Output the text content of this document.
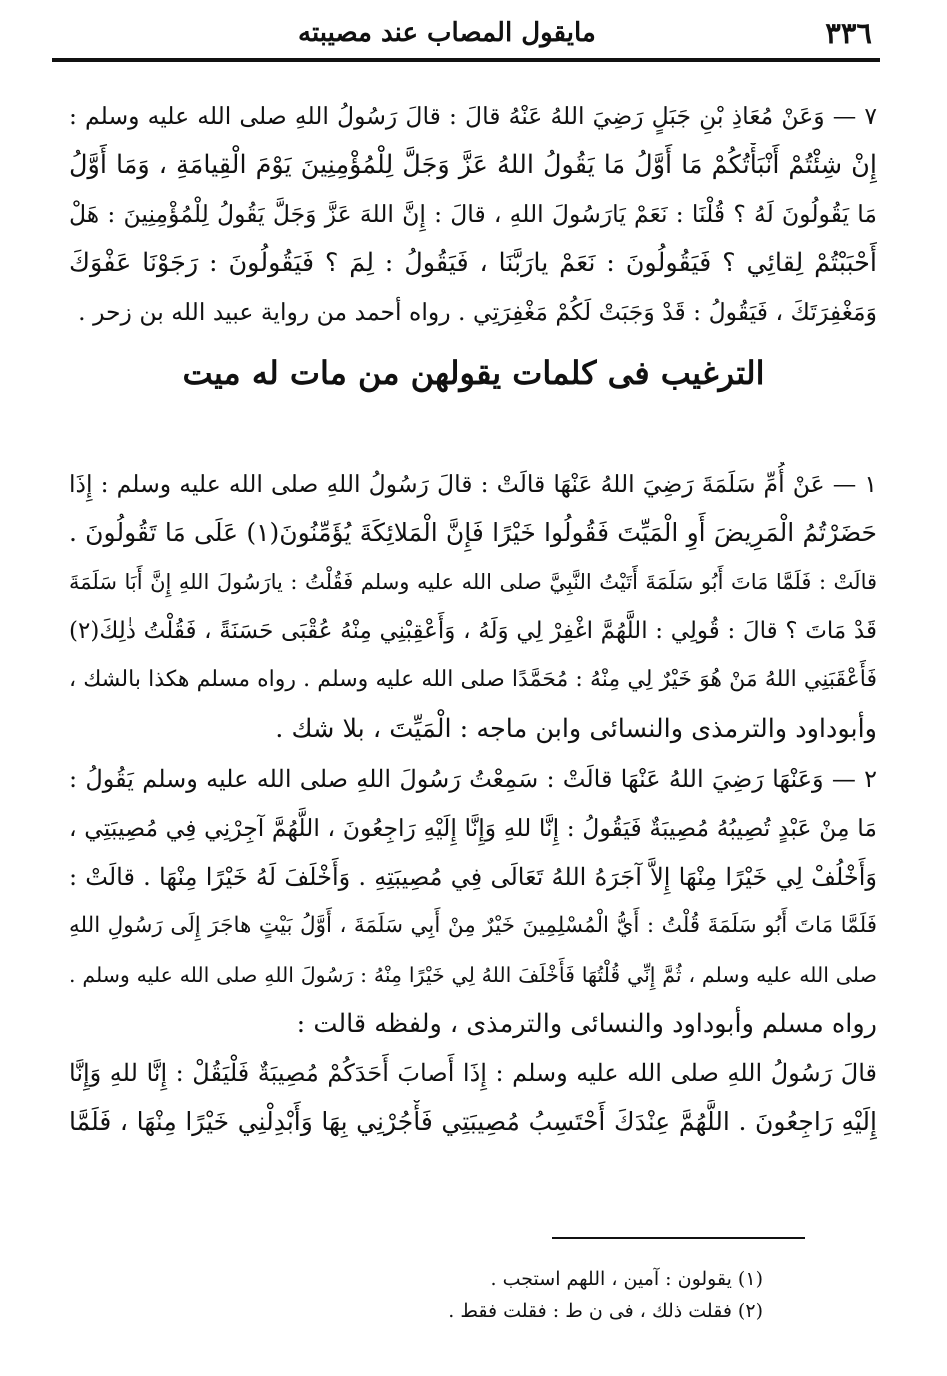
٣٣٦
مايقول المصاب عند مصيبته
٧ — وَعَنْ مُعَاذِ بْنِ جَبَلٍ رَضِيَ اللهُ عَنْهُ قالَ : قالَ رَسُولُ اللهِ صلى الله عليه وسلم :
إِنْ شِئْتُمْ أَنْبَأْتُكُمْ مَا أَوَّلُ مَا يَقُولُ اللهُ عَزَّ وَجَلَّ لِلْمُؤْمِنِينَ يَوْمَ الْقِيامَةِ ، وَمَا أَوَّلُ
مَا يَقُولُونَ لَهُ ؟ قُلْنَا : نَعَمْ يَارَسُولَ اللهِ ، قالَ : إِنَّ اللهَ عَزَّ وَجَلَّ يَقُولُ لِلْمُؤْمِنِينَ : هَلْ
أَحْبَبْتُمْ لِقائِي ؟ فَيَقُولُونَ : نَعَمْ يارَبَّنَا ، فَيَقُولُ : لِمَ ؟ فَيَقُولُونَ : رَجَوْنَا عَفْوَكَ
وَمَغْفِرَتَكَ ، فَيَقُولُ : قَدْ وَجَبَتْ لَكُمْ مَغْفِرَتِي . رواه أحمد من رواية عبيد الله بن زحر .
الترغيب فى كلمات يقولهن من مات له ميت
١ — عَنْ أُمِّ سَلَمَةَ رَضِيَ اللهُ عَنْهَا قالَتْ : قالَ رَسُولُ اللهِ صلى الله عليه وسلم : إِذَا
حَضَرْتُمُ الْمَرِيضَ أَوِ الْمَيِّتَ فَقُولُوا خَيْرًا فَإِنَّ الْمَلائِكَةَ يُؤَمِّنُونَ(١) عَلَى مَا تَقُولُونَ .
قالَتْ : فَلَمَّا مَاتَ أَبُو سَلَمَةَ أَتَيْتُ النَّبِيَّ صلى الله عليه وسلم فَقُلْتُ : يارَسُولَ اللهِ إِنَّ أَبَا سَلَمَةَ
قَدْ مَاتَ ؟ قالَ : قُولِي : اللَّهُمَّ اغْفِرْ لِي وَلَهُ ، وَأَعْقِبْنِي مِنْهُ عُقْبَى حَسَنَةً ، فَقُلْتُ ذٰلِكَ(٢)
فَأَعْقَبَنِي اللهُ مَنْ هُوَ خَيْرٌ لِي مِنْهُ : مُحَمَّدًا صلى الله عليه وسلم . رواه مسلم هكذا بالشك ،
وأبوداود والترمذى والنسائى وابن ماجه : الْمَيِّتَ ، بلا شك .
٢ — وَعَنْهَا رَضِيَ اللهُ عَنْهَا قالَتْ : سَمِعْتُ رَسُولَ اللهِ صلى الله عليه وسلم يَقُولُ :
مَا مِنْ عَبْدٍ تُصِيبُهُ مُصِيبَةٌ فَيَقُولُ : إِنَّا للهِ وَإِنَّا إِلَيْهِ رَاجِعُونَ ، اللَّهُمَّ آجِرْنِي فِي مُصِيبَتِي ،
وَأَخْلُفْ لِي خَيْرًا مِنْهَا إِلاَّ آجَرَهُ اللهُ تَعَالَى فِي مُصِيبَتِهِ . وَأَخْلَفَ لَهُ خَيْرًا مِنْهَا . قالَتْ :
فَلَمَّا مَاتَ أَبُو سَلَمَةَ قُلْتُ : أَيُّ الْمُسْلِمِينَ خَيْرٌ مِنْ أَبِي سَلَمَةَ ، أَوَّلُ بَيْتٍ هاجَرَ إِلَى رَسُولِ اللهِ
صلى الله عليه وسلم ، ثُمَّ إِنِّي قُلْتُهَا فَأَخْلَفَ اللهُ لِي خَيْرًا مِنْهُ : رَسُولَ اللهِ صلى الله عليه وسلم .
رواه مسلم وأبوداود والنسائى والترمذى ، ولفظه قالت :
قالَ رَسُولُ اللهِ صلى الله عليه وسلم : إِذَا أَصابَ أَحَدَكُمْ مُصِيبَةٌ فَلْيَقُلْ : إِنَّا للهِ وَإِنَّا
إِلَيْهِ رَاجِعُونَ . اللَّهُمَّ عِنْدَكَ أَحْتَسِبُ مُصِيبَتِي فَأْجُرْنِي بِهَا وَأَبْدِلْنِي خَيْرًا مِنْهَا ، فَلَمَّا
(١) يقولون : آمين ، اللهم استجب .
(٢) فقلت ذلك ، فى ن ط : فقلت فقط .
